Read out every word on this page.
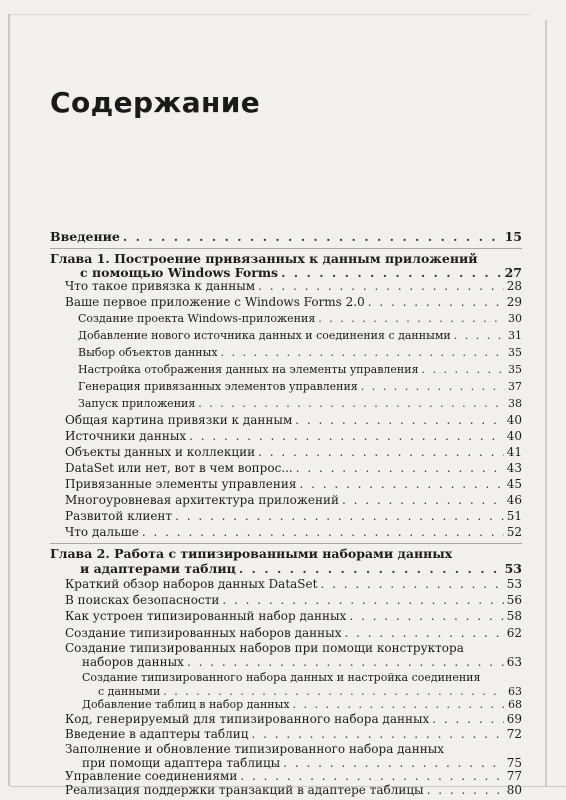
Содержание
Введение . . .	15
Глава 1. Построение привязанных к данным приложений
с помощью Windows Forms . . .	27
Что такое привязка к данным . . .	28
Ваше первое приложение с Windows Forms 2.0 . . .	29
Создание проекта Windows-приложения . . .	30
Добавление нового источника данных и соединения с данными . . .	31
Выбор объектов данных . . .	35
Настройка отображения данных на элементы управления . . .	35
Генерация привязанных элементов управления . . .	37
Запуск приложения . . .	38
Общая картина привязки к данным . . .	40
Источники данных . . .	40
Объекты данных и коллекции . . .	41
DataSet или нет, вот в чем вопрос... . . .	43
Привязанные элементы управления . . .	45
Многоуровневая архитектура приложений . . .	46
Развитой клиент . . .	51
Что дальше . . .	52
Глава 2. Работа с типизированными наборами данных
и адаптерами таблиц . . .	53
Краткий обзор наборов данных DataSet . . .	53
В поисках безопасности . . .	56
Как устроен типизированный набор данных . . .	58
Создание типизированных наборов данных . . .	62
Создание типизированных наборов при помощи конструктора
наборов данных . . .	63
Создание типизированного набора данных и настройка соединения
с данными . . .	63
Добавление таблиц в набор данных . . .	68
Код, генерируемый для типизированного набора данных . . .	69
Введение в адаптеры таблиц . . .	72
Заполнение и обновление типизированного набора данных
при помощи адаптера таблицы . . .	75
Управление соединениями . . .	77
Реализация поддержки транзакций в адаптере таблицы . . .	80
